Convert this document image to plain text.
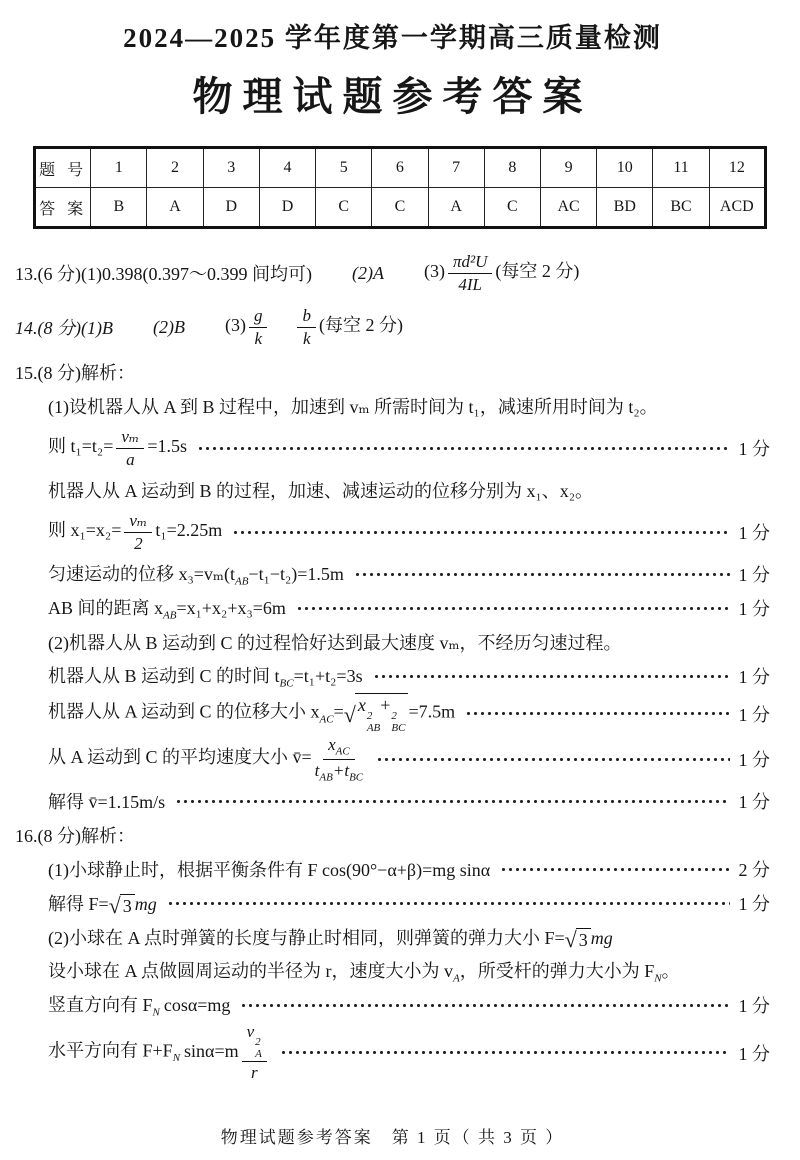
2024—2025 学年度第一学期高三质量检测
物理试题参考答案
题 号	1	2	3	4	5	6	7	8	9	10	11	12
答 案	B	A	D	D	C	C	A	C	AC	BD	BC	ACD
13.(6 分)(1)0.398(0.397～0.399 间均可) (2)A $(3) \frac{\text{πd²U}}{4IL}$ (每空 2 分)
14.(8 分)(1)B (2)B $(3) \frac{g}{k} \frac{b}{k}$ (每空 2 分)
15.(8 分)解析：
(1)设机器人从 A 到 B 过程中，加速到 vₘ 所需时间为 t₁，减速所用时间为 t₂。
则 $t_1=t_2= \frac{\text{vₘ}}{a} =1.5s$	1 分
机器人从 A 运动到 B 的过程，加速、减速运动的位移分别为 x₁、x₂。
则 $x_1=x_2= \frac{\text{vₘ}}{2} t_1=2.25m$	1 分
匀速运动的位移 $x_3=v_m(t_{AB}-t_1-t_2)=1.5m$	1 分
AB 间的距离 $x_{AB}=x_1+x_2+x_3=6m$	1 分
(2)机器人从 B 运动到 C 的过程恰好达到最大速度 vₘ，不经历匀速过程。
机器人从 B 运动到 C 的时间 $t_{BC}=t_1+t_2=3s$	1 分
机器人从 A 运动到 C 的位移大小 $x_{AC}=$ √ x
2
AB
+
2
BC
=7.5m	1 分
从 A 运动到 C 的平均速度大小 v̄= $\frac{x_{AC}}{t_{AB}+t_{BC}}$	1 分
解得 v̄=1.15m/s	1 分
16.(8 分)解析：
(1)小球静止时，根据平衡条件有 F cos(90°−α+β)=mg sinα	2 分
解得 F= √ 3 mg	1 分
(2)小球在 A 点时弹簧的长度与静止时相同，则弹簧的弹力大小 F= √ 3 mg
设小球在 A 点做圆周运动的半径为 r，速度大小为 $v_A$，所受杆的弹力大小为 $F_N$。
竖直方向有 $F_N$ cosα=mg	1 分
水平方向有 $F+F_N$ sinα=m v
2
A
r	1 分
物理试题参考答案　第 1 页（ 共 3 页 ）
